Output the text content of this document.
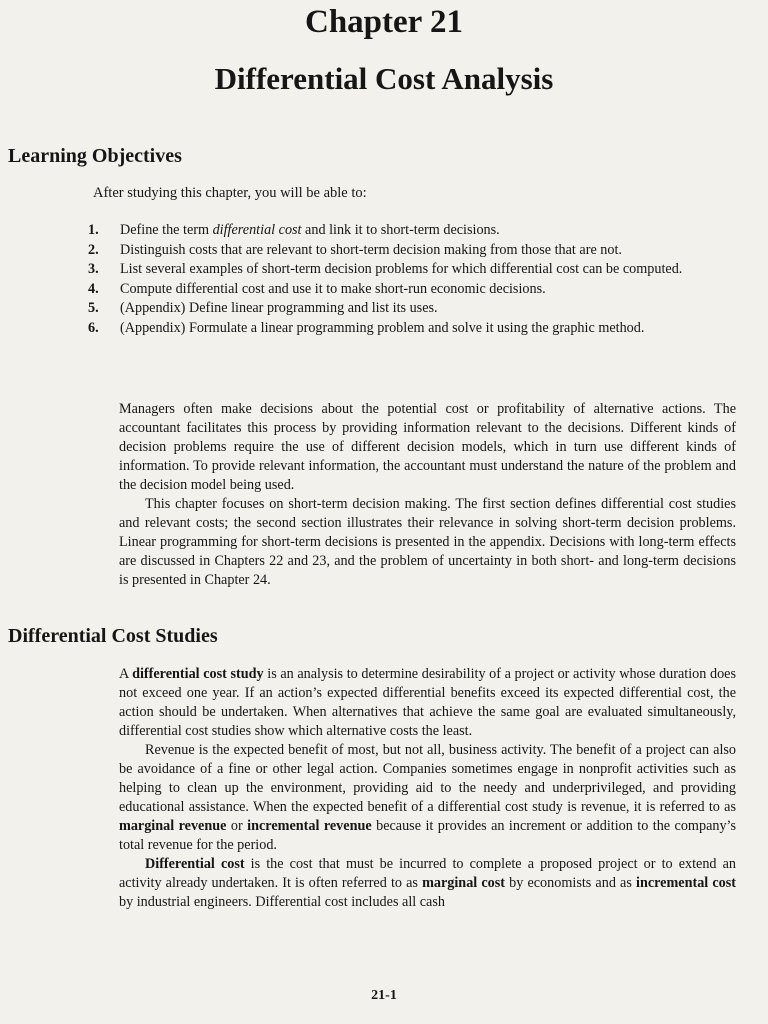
Chapter 21
Differential Cost Analysis
Learning Objectives
After studying this chapter, you will be able to:
1. Define the term differential cost and link it to short-term decisions.
2. Distinguish costs that are relevant to short-term decision making from those that are not.
3. List several examples of short-term decision problems for which differential cost can be computed.
4. Compute differential cost and use it to make short-run economic decisions.
5. (Appendix) Define linear programming and list its uses.
6. (Appendix) Formulate a linear programming problem and solve it using the graphic method.

Managers often make decisions about the potential cost or profitability of alternative actions. The accountant facilitates this process by providing information relevant to the decisions. Different kinds of decision problems require the use of different decision models, which in turn use different kinds of information. To provide relevant information, the accountant must understand the nature of the problem and the decision model being used.

This chapter focuses on short-term decision making. The first section defines differential cost studies and relevant costs; the second section illustrates their relevance in solving short-term decision problems. Linear programming for short-term decisions is presented in the appendix. Decisions with long-term effects are discussed in Chapters 22 and 23, and the problem of uncertainty in both short- and long-term decisions is presented in Chapter 24.

Differential Cost Studies

A differential cost study is an analysis to determine desirability of a project or activity whose duration does not exceed one year. If an action’s expected differential benefits exceed its expected differential cost, the action should be undertaken. When alternatives that achieve the same goal are evaluated simultaneously, differential cost studies show which alternative costs the least.

Revenue is the expected benefit of most, but not all, business activity. The benefit of a project can also be avoidance of a fine or other legal action. Companies sometimes engage in nonprofit activities such as helping to clean up the environment, providing aid to the needy and underprivileged, and providing educational assistance. When the expected benefit of a differential cost study is revenue, it is referred to as marginal revenue or incremental revenue because it provides an increment or addition to the company’s total revenue for the period.

Differential cost is the cost that must be incurred to complete a proposed project or to extend an activity already undertaken. It is often referred to as marginal cost by economists and as incremental cost by industrial engineers. Differential cost includes all cash

21-1
